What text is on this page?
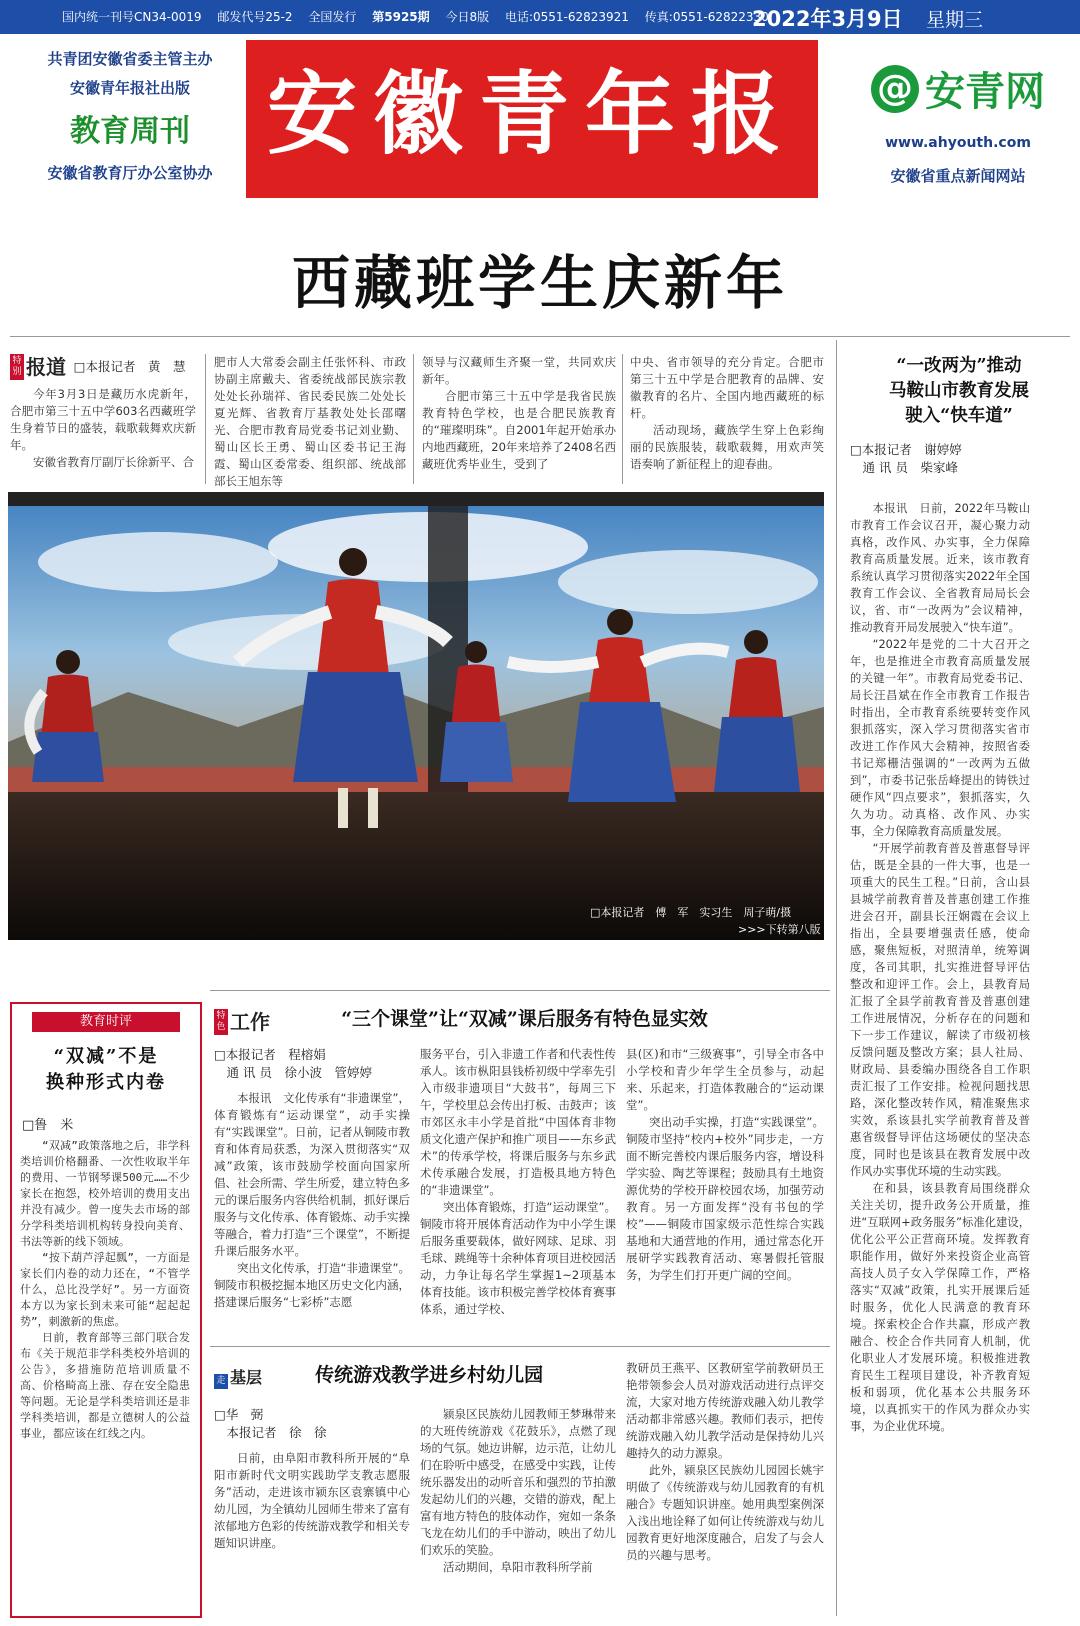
国内统一刊号CN34-0019 邮发代号25-2 全国发行 第5925期 今日8版 电话:0551-62823921 传真:0551-62822330
2022年3月9日 星期三
共青团安徽省委主管主办
安徽青年报社出版
教育周刊
安徽省教育厅办公室协办
安徽青年报	@ 安青网
www.ahyouth.com
安徽省重点新闻网站
西藏班学生庆新年
特别 报道 □本报记者　黄　慧

今年3月3日是藏历水虎新年，合肥市第三十五中学603名西藏班学生身着节日的盛装，载歌载舞欢庆新年。

安徽省教育厅副厅长徐新平、合

肥市人大常委会副主任张怀科、市政协副主席戴夫、省委统战部民族宗教处处长孙瑞祥、省民委民族二处处长夏光辉、省教育厅基教处处长邵曙光、合肥市教育局党委书记刘业勤、蜀山区长王勇、蜀山区委书记王海霞、蜀山区委常委、组织部、统战部部长王旭东等

领导与汉藏师生齐聚一堂，共同欢庆新年。

合肥市第三十五中学是我省民族教育特色学校，也是合肥民族教育的“璀璨明珠”。自2001年起开始承办内地西藏班，20年来培养了2408名西藏班优秀毕业生，受到了

中央、省市领导的充分肯定。合肥市第三十五中学是合肥教育的品牌、安徽教育的名片、全国内地西藏班的标杆。

活动现场，藏族学生穿上色彩绚丽的民族服装，载歌载舞，用欢声笑语奏响了新征程上的迎春曲。

□本报记者　傅　军　实习生　周子萌/摄
>>>下转第八版
“一改两为”推动
马鞍山市教育发展
驶入“快车道”
□本报记者　谢婷婷
　通 讯 员　柴家峰

本报讯　日前，2022年马鞍山市教育工作会议召开，凝心聚力动真格，改作风、办实事，全力保障教育高质量发展。近来，该市教育系统认真学习贯彻落实2022年全国教育工作会议、全省教育局局长会议，省、市“一改两为”会议精神，推动教育开局发展驶入“快车道”。

“2022年是党的二十大召开之年，也是推进全市教育高质量发展的关键一年”。市教育局党委书记、局长汪昌斌在作全市教育工作报告时指出，全市教育系统要转变作风狠抓落实，深入学习贯彻落实省市改进工作作风大会精神，按照省委书记郑栅洁强调的“一改两为五做到”，市委书记张岳峰提出的铸铁过硬作风“四点要求”，狠抓落实，久久为功。动真格、改作风、办实事，全力保障教育高质量发展。

“开展学前教育普及普惠督导评估，既是全县的一件大事，也是一项重大的民生工程。”日前，含山县县城学前教育普及普惠创建工作推进会召开，副县长汪娴霞在会议上指出，全县要增强责任感，使命感，聚焦短板，对照清单，统筹调度，各司其职，扎实推进督导评估整改和迎评工作。会上，县教育局汇报了全县学前教育普及普惠创建工作进展情况，分析存在的问题和下一步工作建议，解读了市级初核反馈问题及整改方案；县人社局、财政局、县委编办围绕各自工作职责汇报了工作安排。检视问题找思路，深化整改转作风，精准聚焦求实效，系该县扎实学前教育普及普惠省级督导评估这场硬仗的坚决态度，同时也是该县在教育发展中改作风办实事优环境的生动实践。

在和县，该县教育局围绕群众关注关切，提升政务公开质量，推进“互联网+政务服务”标准化建设，优化公平公正营商环境。发挥教育职能作用，做好外来投资企业高管高技人员子女入学保障工作，严格落实“双减”政策，扎实开展课后延时服务，优化人民满意的教育环境。探索校企合作共赢，形成产教融合、校企合作共同育人机制，优化职业人才发展环境。积极推进教育民生工程项目建设，补齐教育短板和弱项，优化基本公共服务环境，以真抓实干的作风为群众办实事，为企业优环境。

教育时评
“双减”不是
换种形式内卷
□鲁　米

“双减”政策落地之后，非学科类培训价格翻番、一次性收取半年的费用、一节钢琴课500元……不少家长在抱怨，校外培训的费用支出并没有减少。曾一度失去市场的部分学科类培训机构转身投向美育、书法等新的线下领域。

“按下葫芦浮起瓢”，一方面是家长们内卷的动力还在，“不管学什么，总比没学好”。另一方面资本方以为家长到未来可能“起起起势”，刺激新的焦虑。

日前，教育部等三部门联合发布《关于规范非学科类校外培训的公告》，多措施防范培训质量不高、价格畸高上涨、存在安全隐患等问题。无论是学科类培训还是非学科类培训，都是立德树人的公益事业，都应该在红线之内。

特色 工作	“三个课堂”让“双减”课后服务有特色显实效
□本报记者　程榕娟
　通 讯 员　徐小波　管婷婷

本报讯　文化传承有“非遗课堂”，体育锻炼有“运动课堂”，动手实操有“实践课堂”。日前，记者从铜陵市教育和体育局获悉，为深入贯彻落实“双减”政策，该市鼓励学校面向国家所倡、社会所需、学生所爱，建立特色多元的课后服务内容供给机制，抓好课后服务与文化传承、体育锻炼、动手实操等融合，着力打造“三个课堂”，不断提升课后服务水平。

突出文化传承，打造“非遗课堂”。铜陵市积极挖掘本地区历史文化内涵，搭建课后服务“七彩桥”志愿

服务平台，引入非遗工作者和代表性传承人。该市枞阳县钱桥初级中学率先引入市级非遗项目“大鼓书”，每周三下午，学校里总会传出打板、击鼓声；该市郊区永丰小学是首批“中国体育非物质文化遗产保护和推广项目——东乡武术”的传承学校，将课后服务与东乡武术传承融合发展，打造极具地方特色的“非遗课堂”。

突出体育锻炼，打造“运动课堂”。铜陵市将开展体育活动作为中小学生课后服务重要载体，做好网球、足球、羽毛球、跳绳等十余种体育项目进校园活动，力争让每名学生掌握1~2项基本体育技能。该市积极完善学校体育赛事体系，通过学校、

县(区)和市“三级赛事”，引导全市各中小学校和青少年学生全员参与，动起来、乐起来，打造体教融合的“运动课堂”。

突出动手实操，打造“实践课堂”。铜陵市坚持“校内+校外”同步走，一方面不断完善校内课后服务内容，增设科学实验、陶艺等课程；鼓励具有土地资源优势的学校开辟校园农场，加强劳动教育。另一方面发挥“没有书包的学校”——铜陵市国家级示范性综合实践基地和大通营地的作用，通过常态化开展研学实践教育活动、寒暑假托管服务，为学生们打开更广阔的空间。

走 基层	传统游戏教学进乡村幼儿园
□华　弼
　本报记者　徐　徐

日前，由阜阳市教科所开展的“阜阳市新时代文明实践助学支教志愿服务”活动，走进该市颍东区袁寨镇中心幼儿园，为全镇幼儿园师生带来了富有浓郁地方色彩的传统游戏教学和相关专题知识讲座。

颍泉区民族幼儿园教师王梦琳带来的大班传统游戏《花鼓乐》，点燃了现场的气氛。她边讲解，边示范，让幼儿们在聆听中感受，在感受中实践，让传统乐器发出的动听音乐和强烈的节拍激发起幼儿们的兴趣，交错的游戏，配上富有地方特色的肢体动作，宛如一条条飞龙在幼儿们的手中游动，映出了幼儿们欢乐的笑脸。

活动期间，阜阳市教科所学前

教研员王燕平、区教研室学前教研员王艳带领参会人员对游戏活动进行点评交流，大家对地方传统游戏融入幼儿教学活动都非常感兴趣。教师们表示，把传统游戏融入幼儿教学活动是保持幼儿兴趣持久的动力源泉。

此外，颍泉区民族幼儿园园长姚宇明做了《传统游戏与幼儿园教育的有机融合》专题知识讲座。她用典型案例深入浅出地诠释了如何让传统游戏与幼儿园教育更好地深度融合，启发了与会人员的兴趣与思考。
